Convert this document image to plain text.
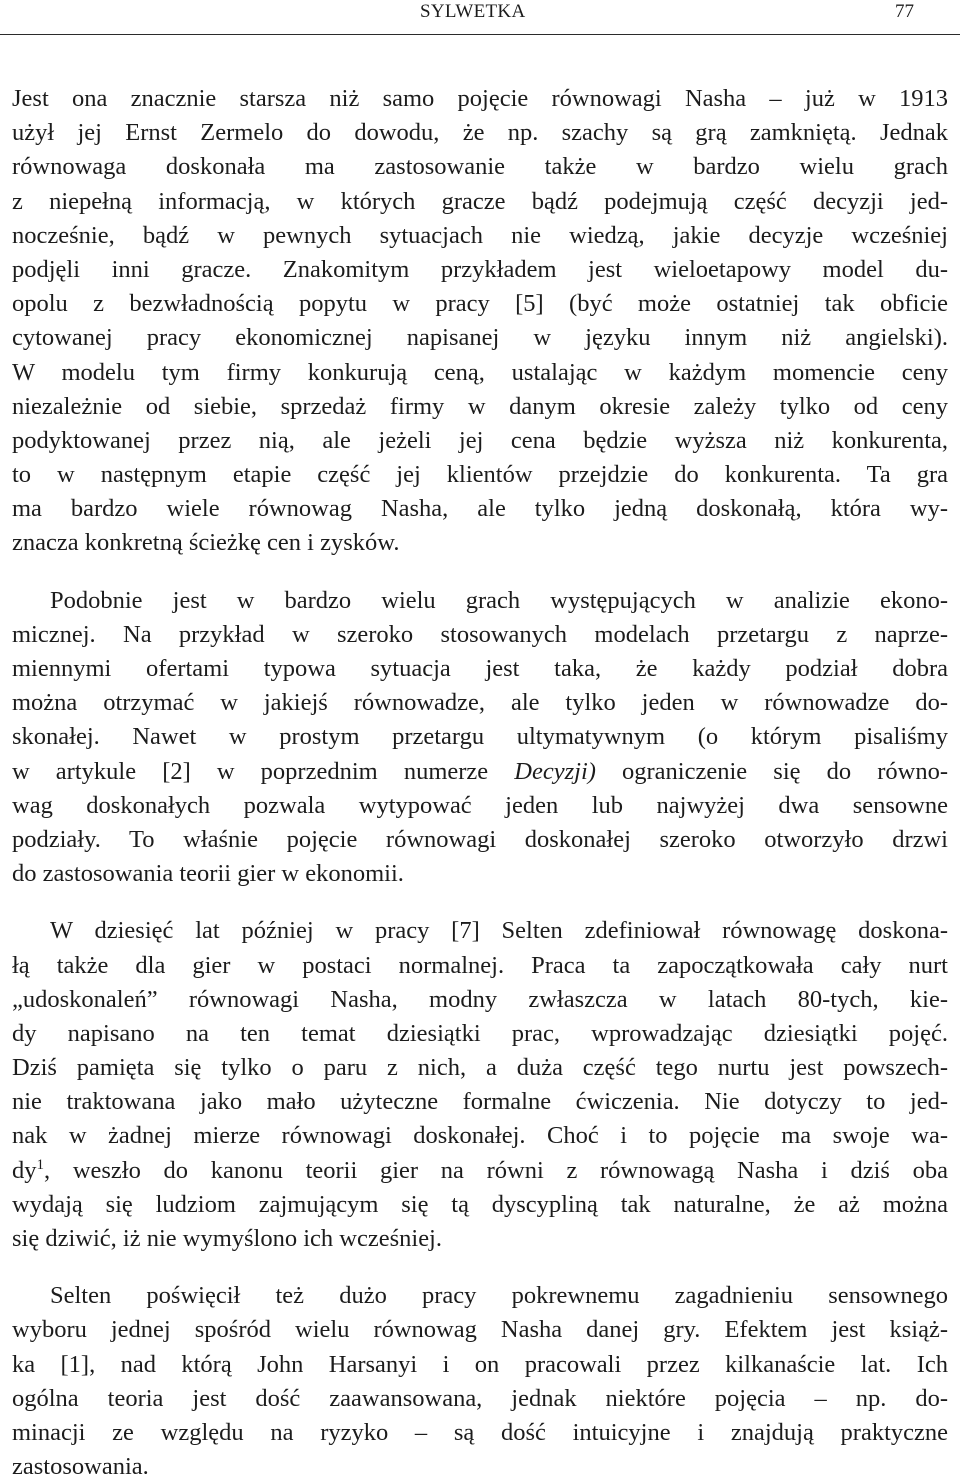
SYLWETKA	77
Jest ona znacznie starsza niż samo pojęcie równowagi Nasha – już w 1913
użył jej Ernst Zermelo do dowodu, że np. szachy są grą zamkniętą. Jednak
równowaga doskonała ma zastosowanie także w bardzo wielu grach
z niepełną informacją, w których gracze bądź podejmują część decyzji jed-
nocześnie, bądź w pewnych sytuacjach nie wiedzą, jakie decyzje wcześniej
podjęli inni gracze. Znakomitym przykładem jest wieloetapowy model du-
opolu z bezwładnością popytu w pracy [5] (być może ostatniej tak obficie
cytowanej pracy ekonomicznej napisanej w języku innym niż angielski).
W modelu tym firmy konkurują ceną, ustalając w każdym momencie ceny
niezależnie od siebie, sprzedaż firmy w danym okresie zależy tylko od ceny
podyktowanej przez nią, ale jeżeli jej cena będzie wyższa niż konkurenta,
to w następnym etapie część jej klientów przejdzie do konkurenta. Ta gra
ma bardzo wiele równowag Nasha, ale tylko jedną doskonałą, która wy-
znacza konkretną ścieżkę cen i zysków.
Podobnie jest w bardzo wielu grach występujących w analizie ekono-
micznej. Na przykład w szeroko stosowanych modelach przetargu z naprze-
miennymi ofertami typowa sytuacja jest taka, że każdy podział dobra
można otrzymać w jakiejś równowadze, ale tylko jeden w równowadze do-
skonałej. Nawet w prostym przetargu ultymatywnym (o którym pisaliśmy
w artykule [2] w poprzednim numerze Decyzji) ograniczenie się do równo-
wag doskonałych pozwala wytypować jeden lub najwyżej dwa sensowne
podziały. To właśnie pojęcie równowagi doskonałej szeroko otworzyło drzwi
do zastosowania teorii gier w ekonomii.
W dziesięć lat później w pracy [7] Selten zdefiniował równowagę doskona-
łą także dla gier w postaci normalnej. Praca ta zapoczątkowała cały nurt
„udoskonaleń” równowagi Nasha, modny zwłaszcza w latach 80-tych, kie-
dy napisano na ten temat dziesiątki prac, wprowadzając dziesiątki pojęć.
Dziś pamięta się tylko o paru z nich, a duża część tego nurtu jest powszech-
nie traktowana jako mało użyteczne formalne ćwiczenia. Nie dotyczy to jed-
nak w żadnej mierze równowagi doskonałej. Choć i to pojęcie ma swoje wa-
$dy^1$, weszło do kanonu teorii gier na równi z równowagą Nasha i dziś oba
wydają się ludziom zajmującym się tą dyscypliną tak naturalne, że aż można
się dziwić, iż nie wymyślono ich wcześniej.
Selten poświęcił też dużo pracy pokrewnemu zagadnieniu sensownego
wyboru jednej spośród wielu równowag Nasha danej gry. Efektem jest książ-
ka [1], nad którą John Harsanyi i on pracowali przez kilkanaście lat. Ich
ogólna teoria jest dość zaawansowana, jednak niektóre pojęcia – np. do-
minacji ze względu na ryzyko – są dość intuicyjne i znajdują praktyczne
zastosowania.
